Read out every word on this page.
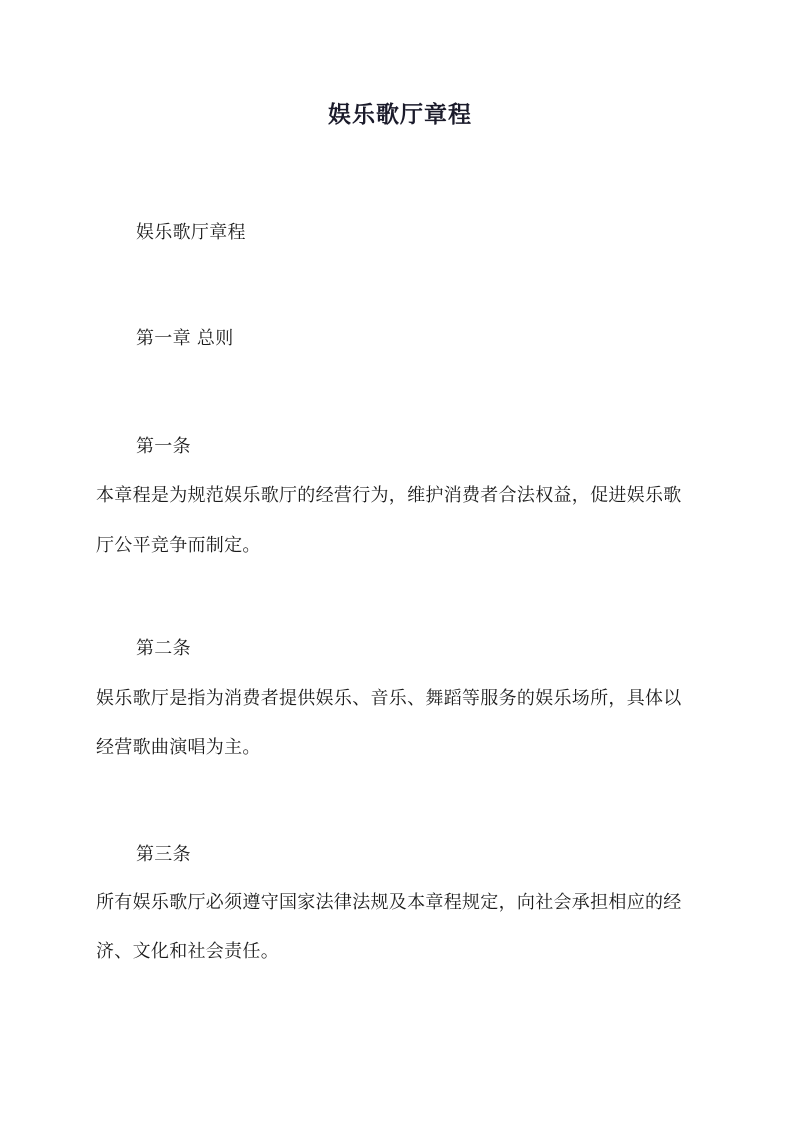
娱乐歌厅章程
娱乐歌厅章程
第一章 总则
第一条
本章程是为规范娱乐歌厅的经营行为，维护消费者合法权益，促进娱乐歌
厅公平竞争而制定。
第二条
娱乐歌厅是指为消费者提供娱乐、音乐、舞蹈等服务的娱乐场所，具体以
经营歌曲演唱为主。
第三条
所有娱乐歌厅必须遵守国家法律法规及本章程规定，向社会承担相应的经
济、文化和社会责任。
